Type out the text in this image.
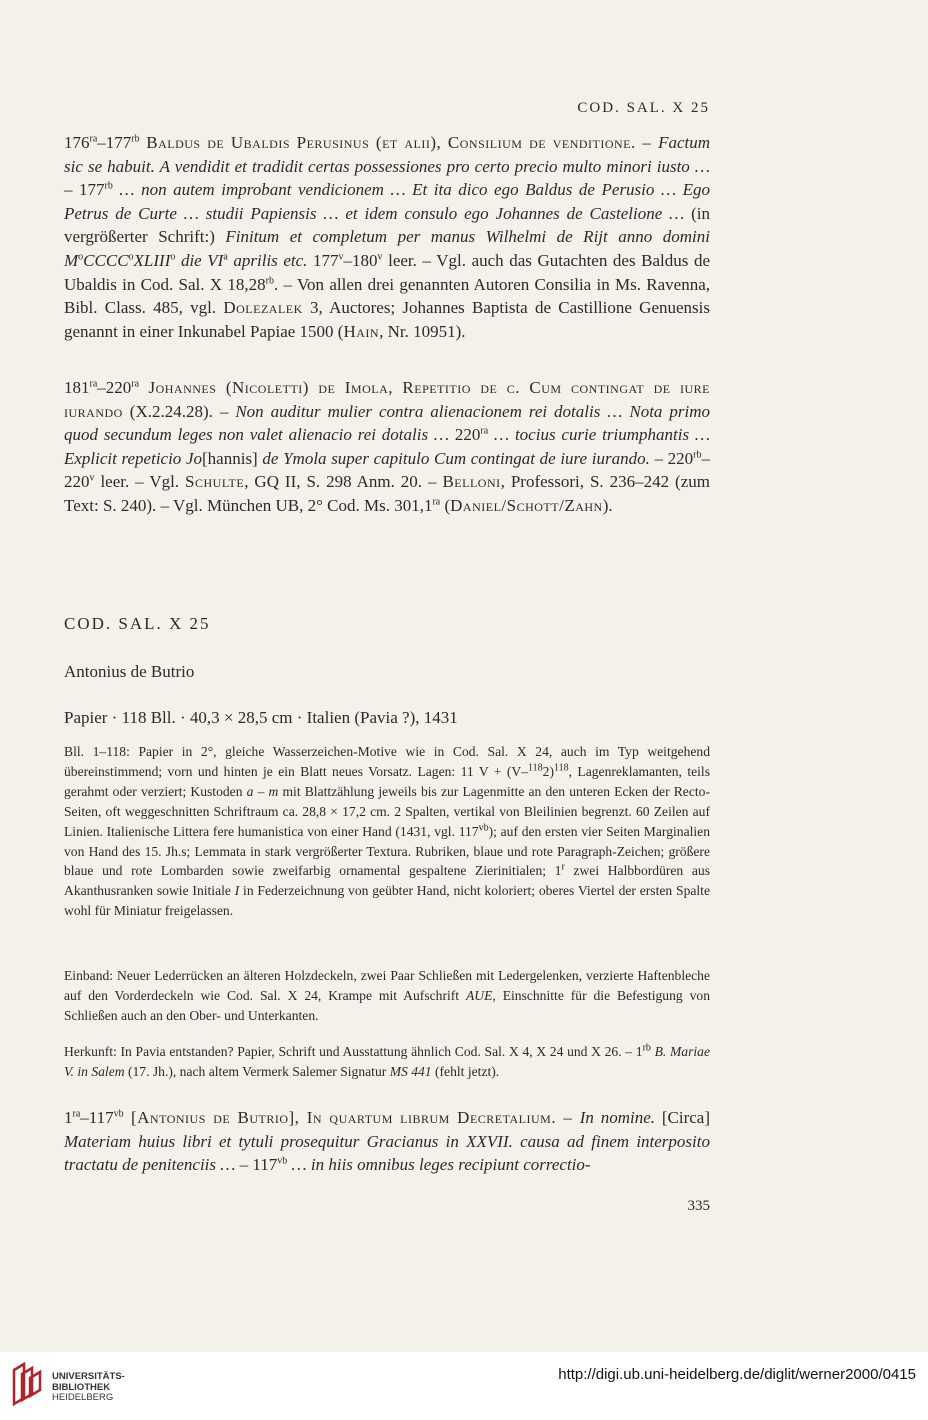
COD. SAL. X 25
$176^{ra}-177^{rb}$ Baldus de Ubaldis Perusinus (et alii), Consilium de venditione. – Factum sic se habuit. A vendidit et tradidit certas possessiones pro certo precio multo minori iusto … – $177^{rb}$ … non autem improbant vendicionem … Et ita dico ego Baldus de Perusio … Ego Petrus de Curte … studii Papiensis … et idem consulo ego Johannes de Castelione … (in vergrößerter Schrift:) Finitum et completum per manus Wilhelmi de Rijt anno domini $M^oCCCC^oXLIII^o$ die $VI^a$ aprilis etc. 177$^v$–180$^v$ leer. – Vgl. auch das Gutachten des Baldus de Ubaldis in Cod. Sal. X $18,28^{rb}$. – Von allen drei genannten Autoren Consilia in Ms. Ravenna, Bibl. Class. 485, vgl. Dolezalek 3, Auctores; Johannes Baptista de Castillione Genuensis genannt in einer Inkunabel Papiae 1500 (Hain, Nr. 10951).
$181^{ra}-220^{ra}$ Johannes (Nicoletti) de Imola, Repetitio de c. Cum contingat de iure iurando (X.2.24.28). – Non auditur mulier contra alienacionem rei dotalis … Nota primo quod secundum leges non valet alienacio rei dotalis … $220^{ra}$ … tocius curie triumphantis … Explicit repeticio Jo[hannis] de Ymola super capitulo Cum contingat de iure iurando. – $220^{rb}-220^v$ leer. – Vgl. Schulte, GQ II, S. 298 Anm. 20. – Belloni, Professori, S. 236–242 (zum Text: S. 240). – Vgl. München UB, 2° Cod. Ms. $301,1^{ra}$ (Daniel/Schott/Zahn).
COD. SAL. X 25
Antonius de Butrio
Papier · 118 Bll. · 40,3 × 28,5 cm · Italien (Pavia ?), 1431
Bll. 1–118: Papier in 2°, gleiche Wasserzeichen-Motive wie in Cod. Sal. X 24, auch im Typ weitgehend übereinstimmend; vorn und hinten je ein Blatt neues Vorsatz. Lagen: 11 $V + (V-^{118}2)^{118}$, Lagenreklamanten, teils gerahmt oder verziert; Kustoden a – m mit Blattzählung jeweils bis zur Lagenmitte an den unteren Ecken der Recto-Seiten, oft weggeschnitten Schriftraum ca. 28,8 × 17,2 cm. 2 Spalten, vertikal von Bleilinien begrenzt. 60 Zeilen auf Linien. Italienische Littera fere humanistica von einer Hand (1431, vgl. $117^{vb}$); auf den ersten vier Seiten Marginalien von Hand des 15. Jh.s; Lemmata in stark vergrößerter Textura. Rubriken, blaue und rote Paragraph-Zeichen; größere blaue und rote Lombarden sowie zweifarbig ornamental gespaltene Zierinitialen; 1$^r$ zwei Halbbordüren aus Akanthusranken sowie Initiale I in Federzeichnung von geübter Hand, nicht koloriert; oberes Viertel der ersten Spalte wohl für Miniatur freigelassen.
Einband: Neuer Lederrücken an älteren Holzdeckeln, zwei Paar Schließen mit Ledergelenken, verzierte Haftenbleche auf den Vorderdeckeln wie Cod. Sal. X 24, Krampe mit Aufschrift AUE, Einschnitte für die Befestigung von Schließen auch an den Ober- und Unterkanten.
Herkunft: In Pavia entstanden? Papier, Schrift und Ausstattung ähnlich Cod. Sal. X 4, X 24 und X 26. – $1^{rb}$ B. Mariae V. in Salem (17. Jh.), nach altem Vermerk Salemer Signatur MS 441 (fehlt jetzt).
$1^{ra}-117^{vb}$ [Antonius de Butrio], In quartum librum Decretalium. – In nomine. [Circa] Materiam huius libri et tytuli prosequitur Gracianus in XXVII. causa ad finem interposito tractatu de penitenciis … – $117^{vb}$ … in hiis omnibus leges recipiunt correctio-
335
UNIVERSITÄTS-
BIBLIOTHEK
HEIDELBERG
http://digi.ub.uni-heidelberg.de/diglit/werner2000/0415
